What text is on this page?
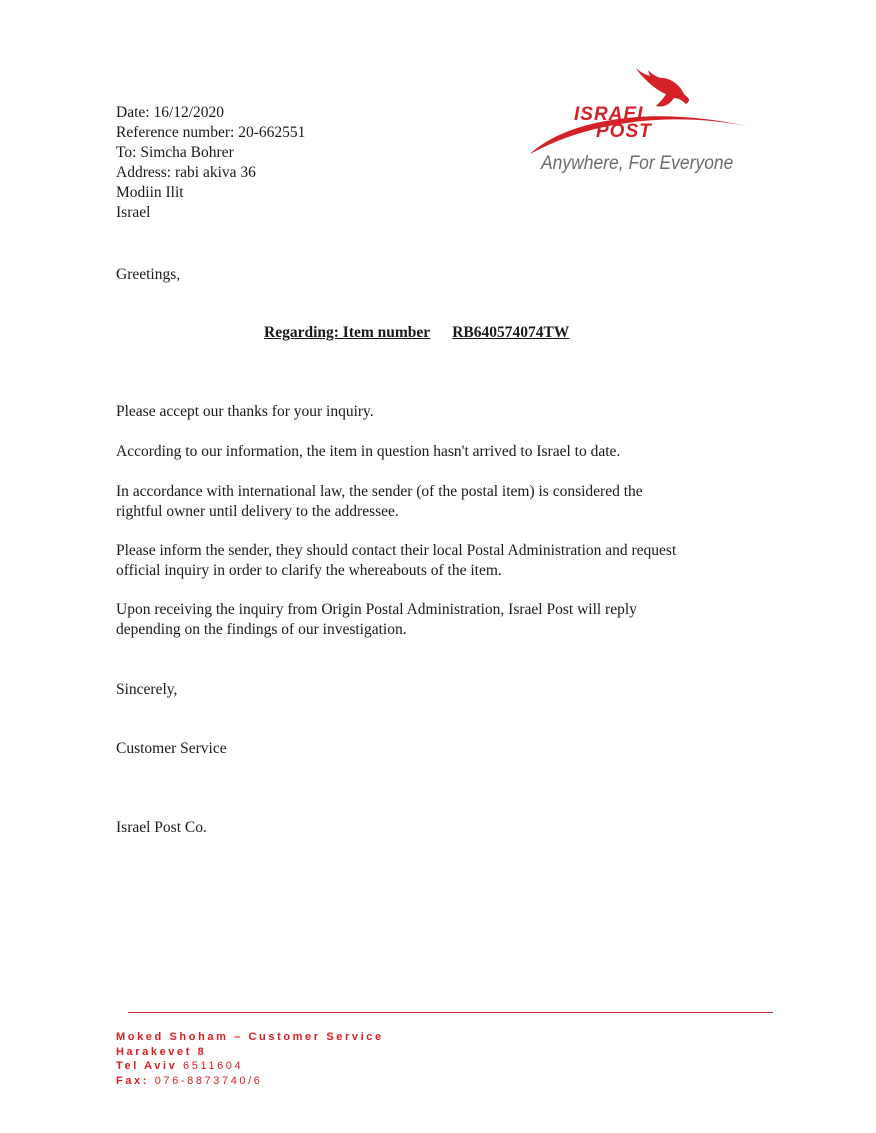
Date: 16/12/2020
Reference number: 20-662551
To: Simcha Bohrer
Address: rabi akiva 36
Modiin Ilit
Israel
ISRAEL
POST
Anywhere, For Everyone
Greetings,
Regarding: Item number RB640574074TW
Please accept our thanks for your inquiry.
According to our information, the item in question hasn't arrived to Israel to date.
In accordance with international law, the sender (of the postal item) is considered the
rightful owner until delivery to the addressee.
Please inform the sender, they should contact their local Postal Administration and request
official inquiry in order to clarify the whereabouts of the item.
Upon receiving the inquiry from Origin Postal Administration, Israel Post will reply
depending on the findings of our investigation.
Sincerely,
Customer Service
Israel Post Co.
Moked Shoham – Customer Service
Harakevet 8
Tel Aviv 6511604
Fax: 076-8873740/6
